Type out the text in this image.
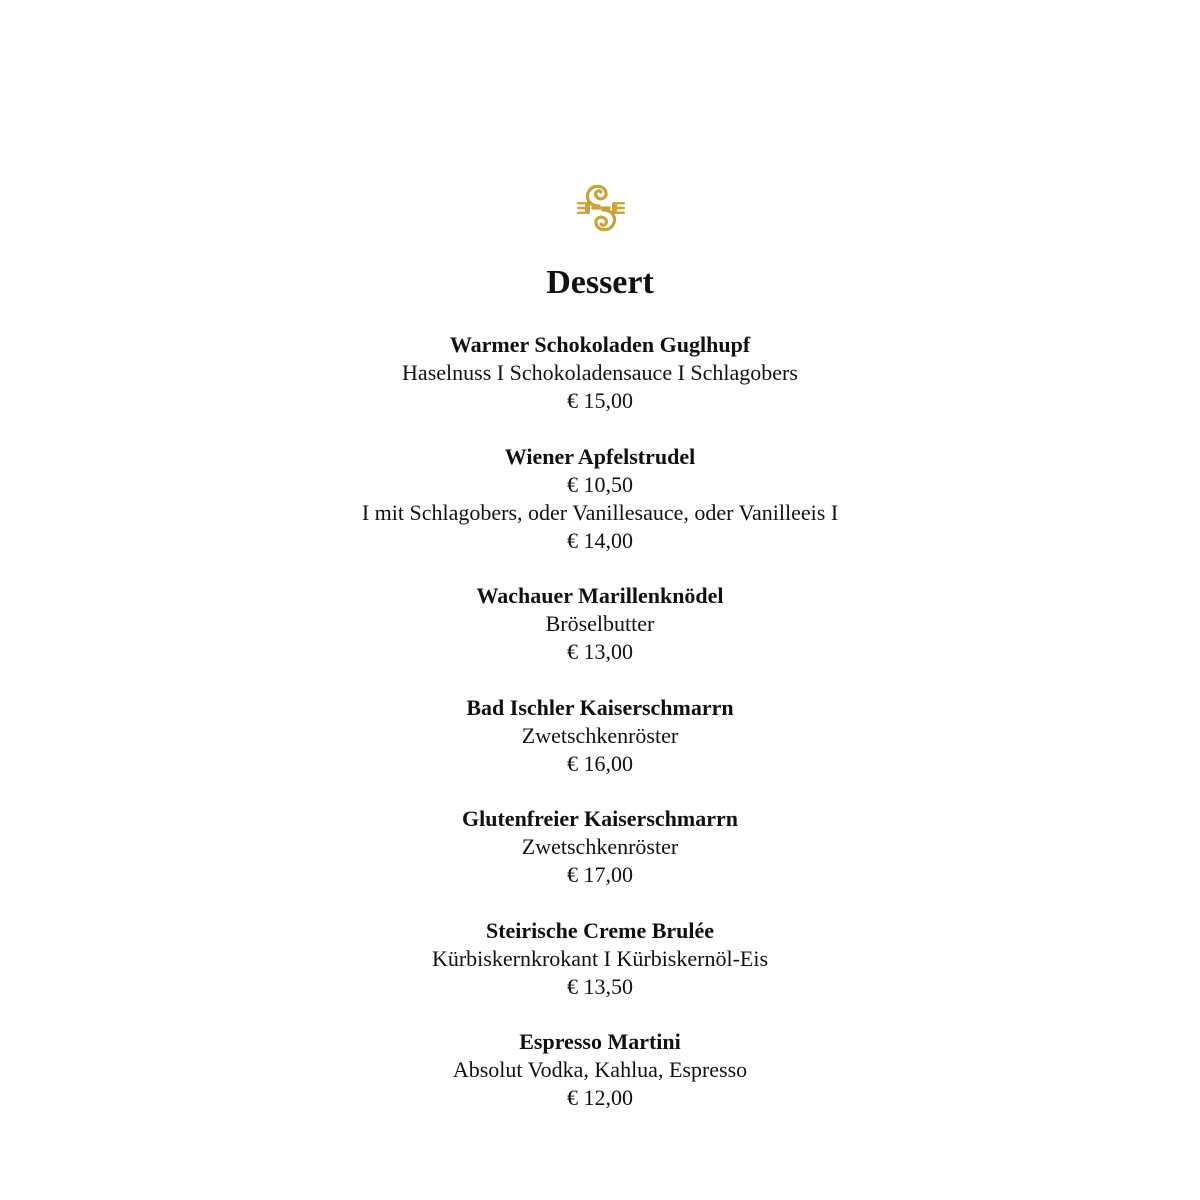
Dessert
Warmer Schokoladen Guglhupf
Haselnuss I Schokoladensauce I Schlagobers
€ 15,00
Wiener Apfelstrudel
€ 10,50
I mit Schlagobers, oder Vanillesauce, oder Vanilleeis I
€ 14,00
Wachauer Marillenknödel
Bröselbutter
€ 13,00
Bad Ischler Kaiserschmarrn
Zwetschkenröster
€ 16,00
Glutenfreier Kaiserschmarrn
Zwetschkenröster
€ 17,00
Steirische Creme Brulée
Kürbiskernkrokant I Kürbiskernöl-Eis
€ 13,50
Espresso Martini
Absolut Vodka, Kahlua, Espresso
€ 12,00
